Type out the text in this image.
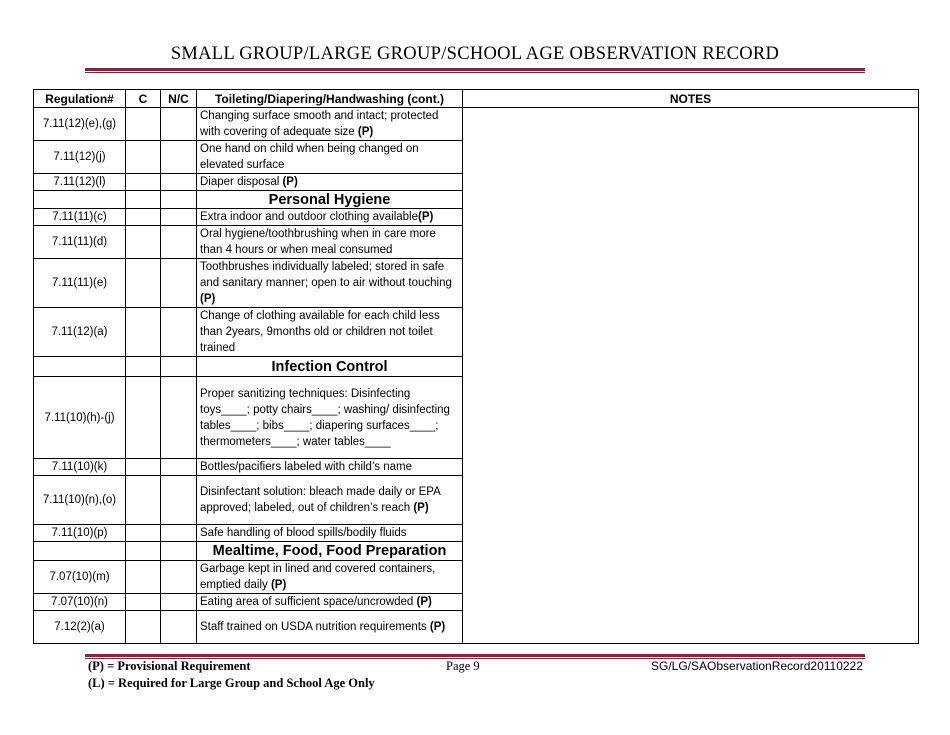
SMALL GROUP/LARGE GROUP/SCHOOL AGE OBSERVATION RECORD
Regulation#	C	N/C	Toileting/Diapering/Handwashing (cont.)	NOTES
7.11(12)(e),(g)			Changing surface smooth and intact; protected with covering of adequate size (P)	
7.11(12)(j)			One hand on child when being changed on elevated surface	
7.11(12)(l)			Diaper disposal (P)	
			Personal Hygiene	
7.11(11)(c)			Extra indoor and outdoor clothing available(P)	
7.11(11)(d)			Oral hygiene/toothbrushing when in care more than 4 hours or when meal consumed	
7.11(11)(e)			Toothbrushes individually labeled; stored in safe and sanitary manner; open to air without touching (P)	
7.11(12)(a)			Change of clothing available for each child less than 2years, 9months old or children not toilet trained	
			Infection Control	
7.11(10)(h)-(j)			Proper sanitizing techniques: Disinfecting toys____; potty chairs____; washing/ disinfecting tables____; bibs____; diapering surfaces____; thermometers____; water tables____	
7.11(10)(k)			Bottles/pacifiers labeled with child’s name	
7.11(10)(n),(o)			Disinfectant solution: bleach made daily or EPA approved; labeled, out of children’s reach (P)	
7.11(10)(p)			Safe handling of blood spills/bodily fluids	
			Mealtime, Food, Food Preparation	
7.07(10)(m)			Garbage kept in lined and covered containers, emptied daily (P)	
7.07(10)(n)			Eating area of sufficient space/uncrowded (P)	
7.12(2)(a)			Staff trained on USDA nutrition requirements (P)	
(P) = Provisional Requirement	Page 9	SG/LG/SAObservationRecord20110222
(L) = Required for Large Group and School Age Only
